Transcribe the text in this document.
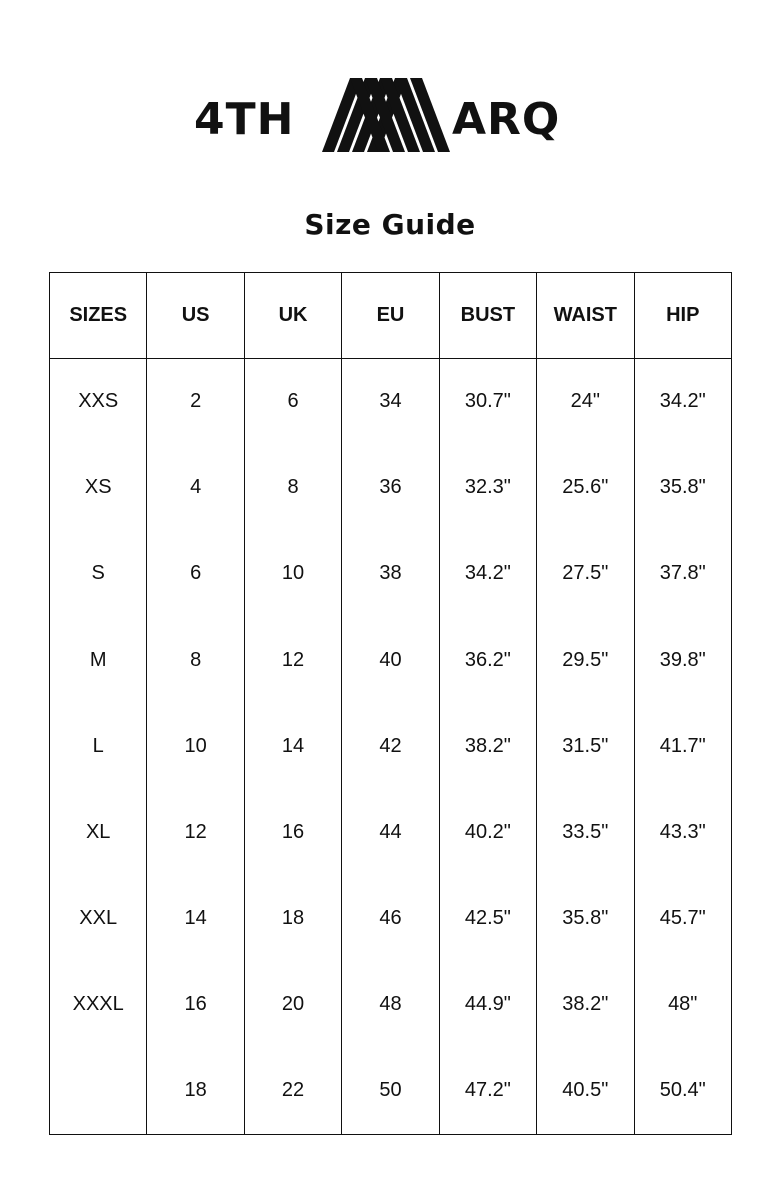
4TH	ARQ
Size Guide
SIZES	US	UK	EU	BUST	WAIST	HIP
XXS	2	6	34	30.7"	24"	34.2"
XS	4	8	36	32.3"	25.6"	35.8"
S	6	10	38	34.2"	27.5"	37.8"
M	8	12	40	36.2"	29.5"	39.8"
L	10	14	42	38.2"	31.5"	41.7"
XL	12	16	44	40.2"	33.5"	43.3"
XXL	14	18	46	42.5"	35.8"	45.7"
XXXL	16	20	48	44.9"	38.2"	48"
	18	22	50	47.2"	40.5"	50.4"
